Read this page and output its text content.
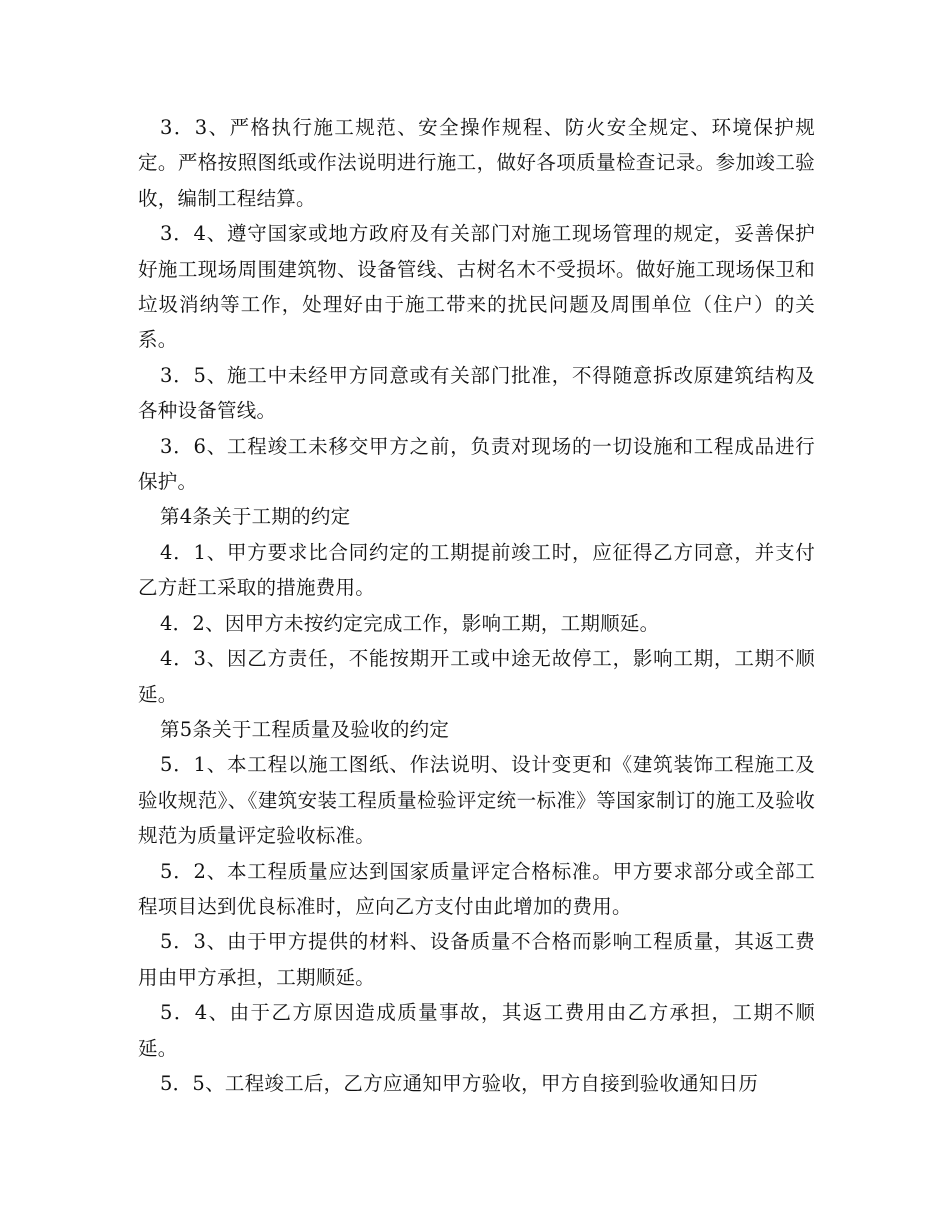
3．3、严格执行施工规范、安全操作规程、防火安全规定、环境保护规定。严格按照图纸或作法说明进行施工，做好各项质量检查记录。参加竣工验收，编制工程结算。

3．4、遵守国家或地方政府及有关部门对施工现场管理的规定，妥善保护好施工现场周围建筑物、设备管线、古树名木不受损坏。做好施工现场保卫和垃圾消纳等工作，处理好由于施工带来的扰民问题及周围单位（住户）的关系。

3．5、施工中未经甲方同意或有关部门批准，不得随意拆改原建筑结构及各种设备管线。

3．6、工程竣工未移交甲方之前，负责对现场的一切设施和工程成品进行保护。

第4条关于工期的约定

4．1、甲方要求比合同约定的工期提前竣工时，应征得乙方同意，并支付乙方赶工采取的措施费用。

4．2、因甲方未按约定完成工作，影响工期，工期顺延。

4．3、因乙方责任，不能按期开工或中途无故停工，影响工期，工期不顺延。

第5条关于工程质量及验收的约定

5．1、本工程以施工图纸、作法说明、设计变更和《建筑装饰工程施工及验收规范》、《建筑安装工程质量检验评定统一标准》等国家制订的施工及验收规范为质量评定验收标准。

5．2、本工程质量应达到国家质量评定合格标准。甲方要求部分或全部工程项目达到优良标准时，应向乙方支付由此增加的费用。

5．3、由于甲方提供的材料、设备质量不合格而影响工程质量，其返工费用由甲方承担，工期顺延。

5．4、由于乙方原因造成质量事故，其返工费用由乙方承担，工期不顺延。

5．5、工程竣工后，乙方应通知甲方验收，甲方自接到验收通知日历
